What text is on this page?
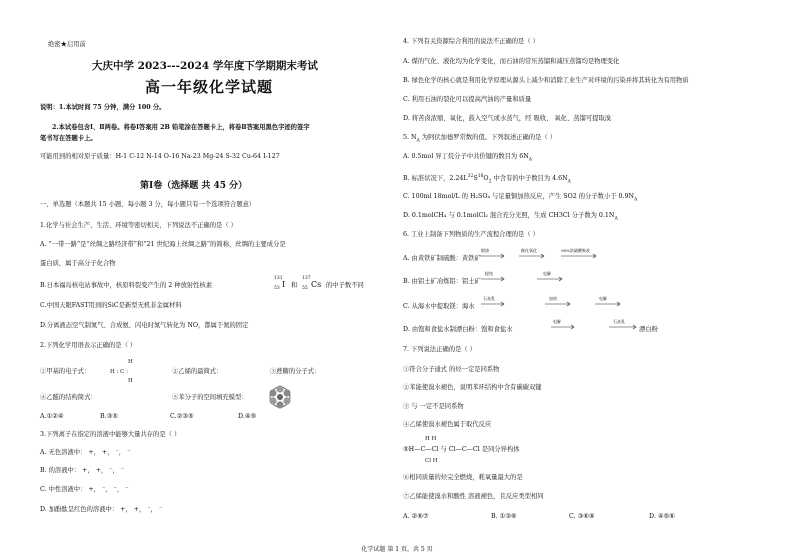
绝密★启用前
大庆中学 2023---2024 学年度下学期期末考试
高一年级化学试题
说明：1.本试时间 75 分钟，满分 100 分。
2.本试卷包含Ⅰ、Ⅱ两卷。将卷Ⅰ答案用 2B 铅笔涂在答题卡上，将卷Ⅱ答案用黑色字迹的签字
笔书写在答题卡上。
可能用到的相对原子质量：H-1 C-12 N-14 O-16 Na-23 Mg-24 S-32 Cu-64 I-127
第Ⅰ卷（选择题 共 45 分）
一、单选题（本题共 15 小题，每小题 3 分，每小题只有一个选项符合题意）
1.化学与社会生产、生活、环境等密切相关，下列说法不正确的是（ ）
A. “一带一路”是“丝绸之路经济带”和“21 世纪海上丝绸之路”的简称，丝绸的主要成分是
蛋白质，属于高分子化合物
B.日本福岛核电站事故中，核原料裂变产生的 2 种放射性核素
131
53 I 和
137
55 Cs 的中子数不同
C.中国天眼FAST用到的SiC是新型无机非金属材料
D.分离液态空气制氮气、合成氨、闪电时氮气转化为 NO，都属于氮的固定
2.下列化学用语表示正确的是（ ）
①甲基的电子式：
H
H : C :
H
②乙烯的最简式：	③蔗糖的分子式：
④乙醛的结构简式：	⑤苯分子的空间填充模型：
A.①②④	B.③⑤	C.②③⑤	D.④⑤
3.下列离子在指定的溶液中能够大量共存的是（ ）
A. 无色溶液中： +， +， ⁻， ⁻
B. 的溶液中： +， +， ⁻， ⁻
C. 中性溶液中： +， ⁻， ⁻， ⁻
D. 加酚酞呈红色的溶液中： +， +， ⁻， ⁻
4. 下列有关资源综合利用的说法不正确的是（ ）
A. 煤的气化、液化均为化学变化，而石油的常压蒸馏和减压蒸馏均是物理变化
B. 绿色化学的核心就是利用化学原理从源头上减少和消除工业生产对环境的污染并将其转化为有用物质
C. 利用石油的裂化可以提高汽油的产量和质量
D. 将苦卤浓缩、氧化，鼓入空气或水蒸气，经 吸收、 氧化、蒸馏可提取溴
5. $N_A$ 为阿伏加德罗常数的值。下列叙述正确的是（ ）
A. 0.5mol 异丁烷分子中共价键的数目为 $6N_A$
B. 标准状况下，$2.24L^{32}S^{18}O_2$ 中含有的中子数目为 $4.6N_A$
C. 100ml 18mol/L 的 H₂SO₄ 与足量铜加热反应，产生 SO2 的分子数小于 $0.9N_A$
D. 0.1molCH₄ 与 0.1molCl₂ 混合充分光照，生成 CH3Cl 分子数为 $0.1N_A$
6. 工业上制备下列物质的生产流程合理的是（ ）
A. 由黄铁矿制硫酸：黄铁矿
煅烧	催化氧化	98%浓硫酸吸收
B. 由铝土矿冶炼铝：铝土矿
提纯	电解
C. 从海水中提取镁：海水
石灰乳	加热	电解
D. 由饱和食盐水制漂白粉：饱和食盐水
电解	石灰乳
漂白粉
7. 下列说法正确的是（ ）
①符合分子通式 的烃一定是同系物
②苯能使溴水褪色，说明苯环结构中含有碳碳双键
③ 与 一定不是同系物
④乙烯使溴水褪色属于取代反应
H H
⑤H—C—Cl 与 Cl—C—Cl 是同分异构体
Cl H
⑥相同质量的烃完全燃烧，耗氧量最大的是
⑦乙烯能使溴水和酸性 溶液褪色，且反应类型相同
A. ②⑥⑦	B. ①③⑥	C. ③⑥⑧	D. ④⑤⑥
化学试题 第 1 页，共 5 页
